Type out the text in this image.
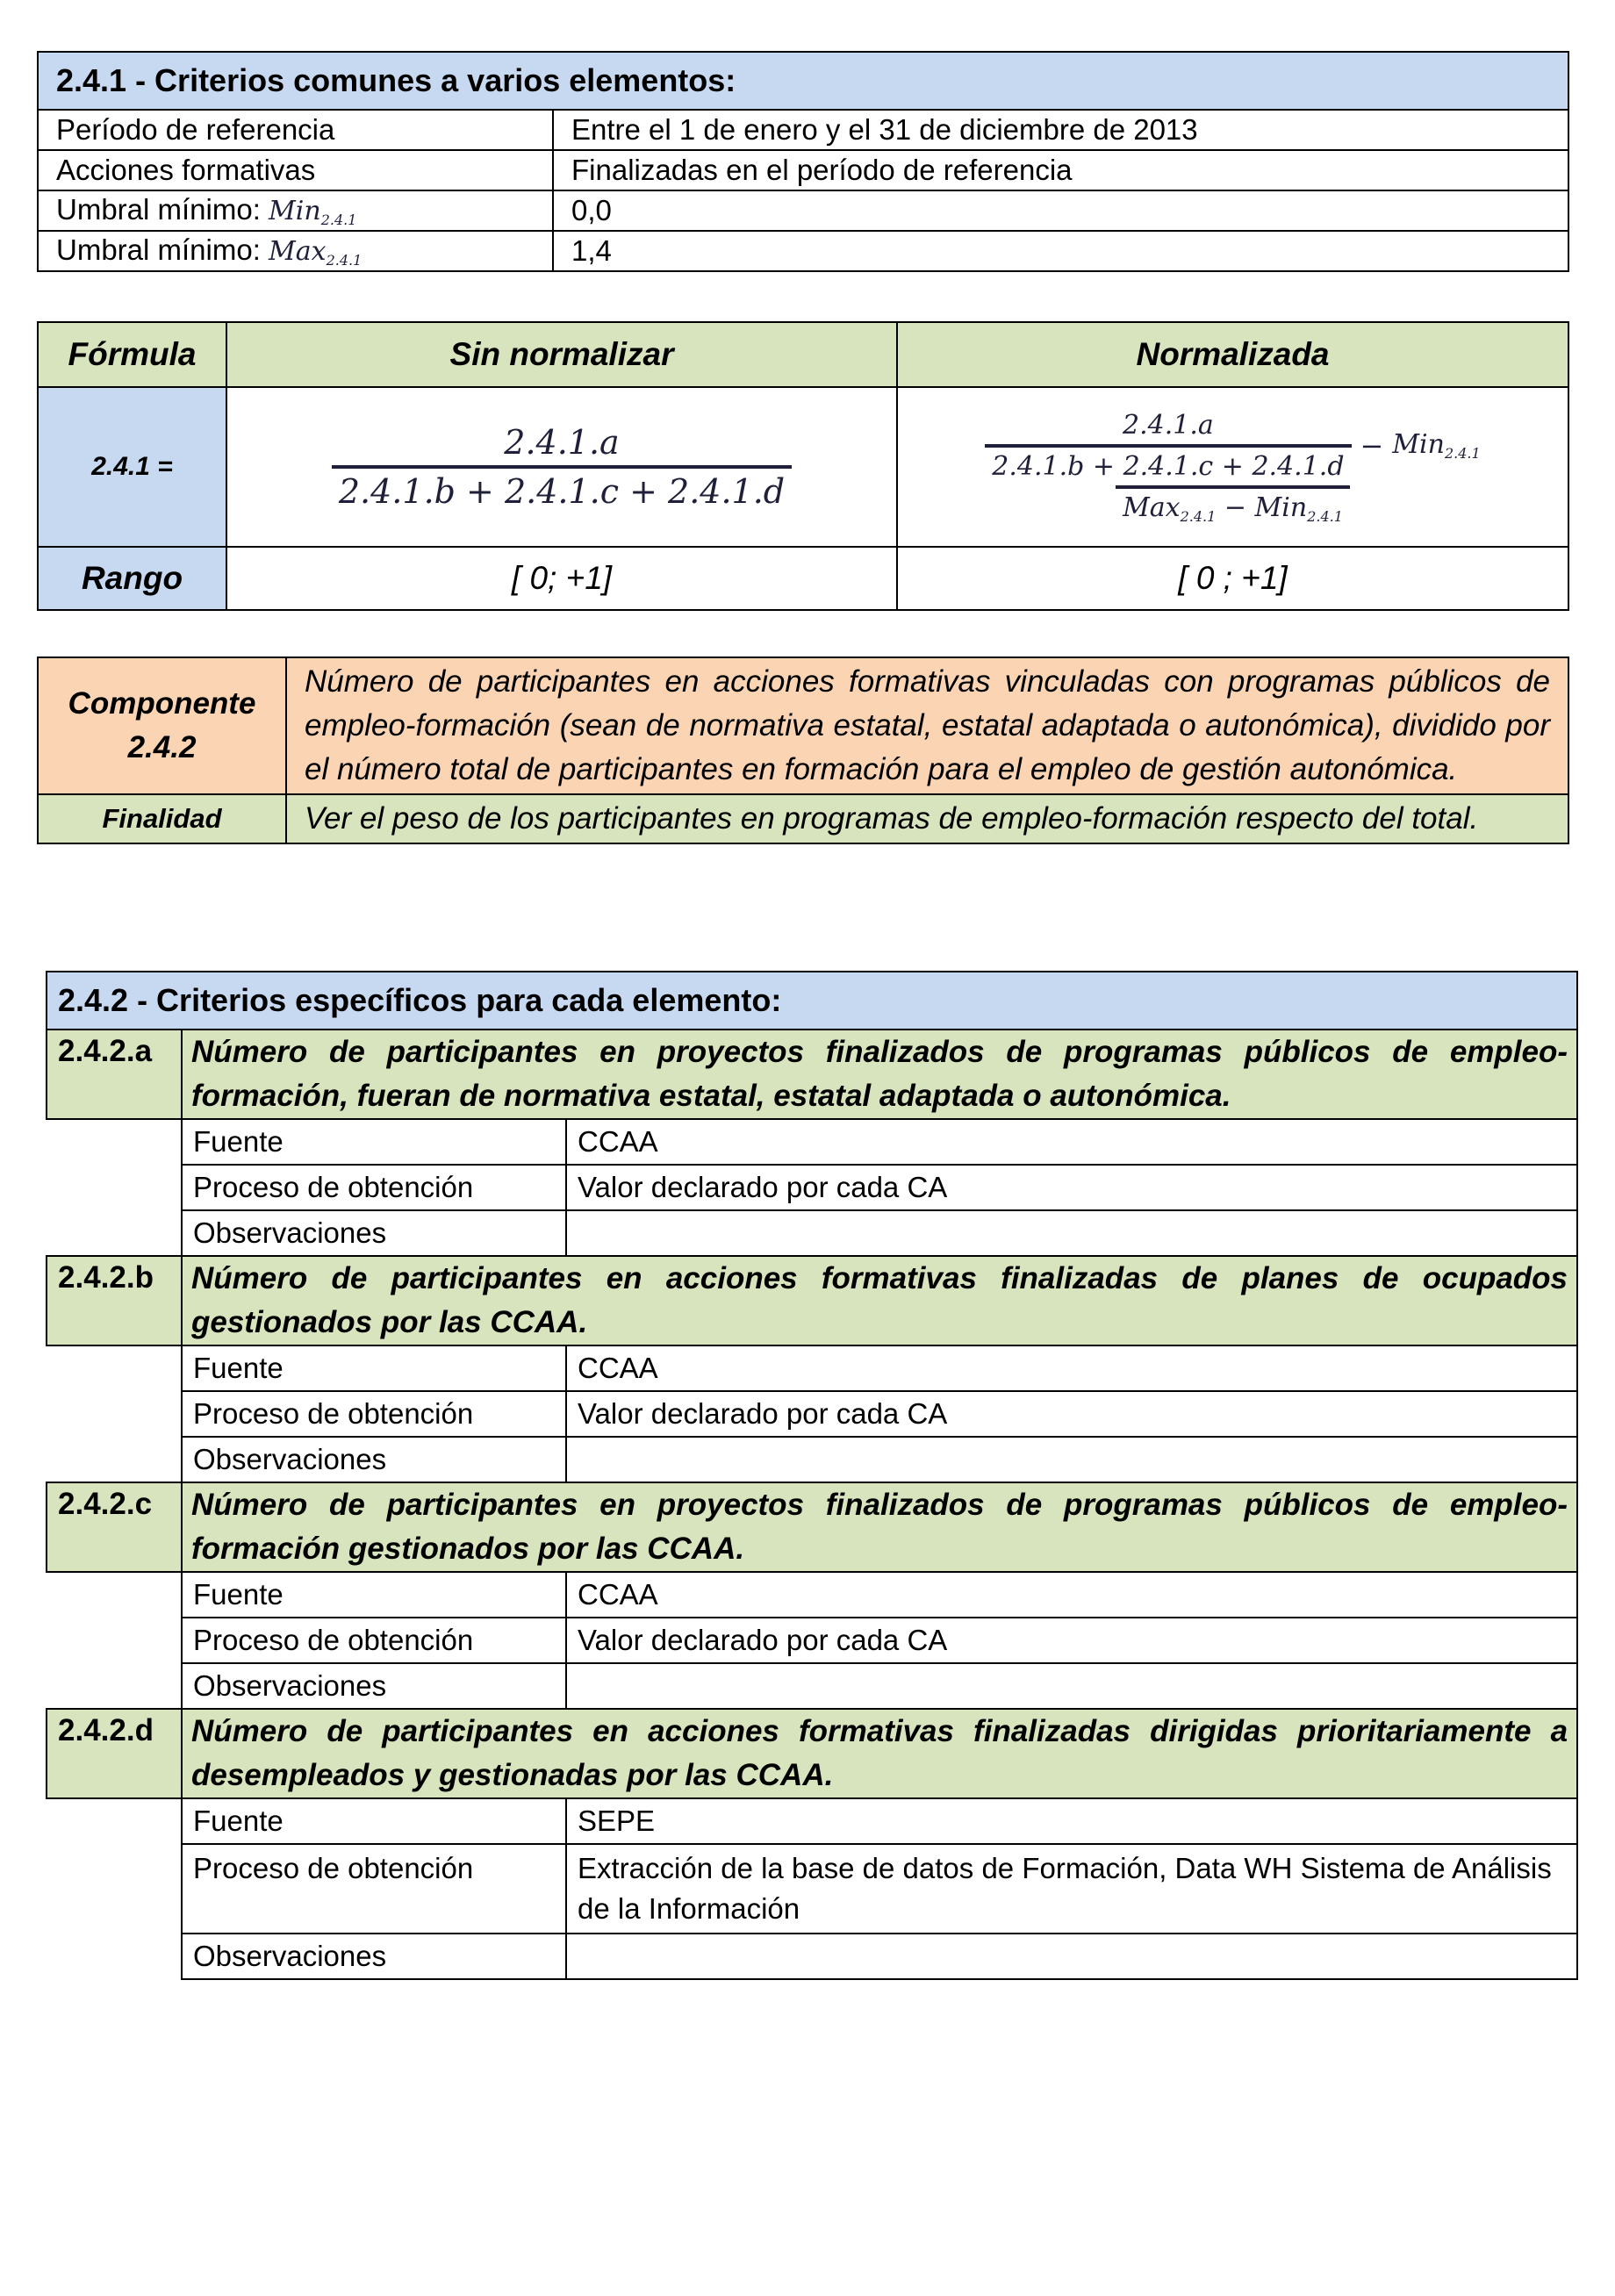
2.4.1 - Criterios comunes a varios elementos:	
Período de referencia	Entre el 1 de enero y el 31 de diciembre de 2013
Acciones formativas	Finalizadas en el período de referencia
Umbral mínimo: Min$_{2.4.1}$	0,0
Umbral mínimo: Max$_{2.4.1}$	1,4
Fórmula	Sin normalizar	Normalizada
2.4.1 =	$\frac{2.4.1.a}{2.4.1.b + 2.4.1.c + 2.4.1.d}$	$\frac{2.4.1.a}{2.4.1.b + 2.4.1.c + 2.4.1.d} - Min_{2.4.1}$
Max$_{2.4.1}$ − Min$_{2.4.1}$

Rango	[ 0; +1]	[ 0 ; +1]
Componente
2.4.2	Número de participantes en acciones formativas vinculadas con programas públicos de empleo-formación (sean de normativa estatal, estatal adaptada o autonómica), dividido por el número total de participantes en formación para el empleo de gestión autonómica.
Finalidad	Ver el peso de los participantes en programas de empleo-formación respecto del total.
2.4.2 - Criterios específicos para cada elemento:		
2.4.2.a	Número de participantes en proyectos finalizados de programas públicos de empleo-formación, fueran de normativa estatal, estatal adaptada o autonómica.	
	Fuente	CCAA
	Proceso de obtención	Valor declarado por cada CA
	Observaciones	
2.4.2.b	Número de participantes en acciones formativas finalizadas de planes de ocupados gestionados por las CCAA.	
	Fuente	CCAA
	Proceso de obtención	Valor declarado por cada CA
	Observaciones	
2.4.2.c	Número de participantes en proyectos finalizados de programas públicos de empleo-formación gestionados por las CCAA.	
	Fuente	CCAA
	Proceso de obtención	Valor declarado por cada CA
	Observaciones	
2.4.2.d	Número de participantes en acciones formativas finalizadas dirigidas prioritariamente a desempleados y gestionadas por las CCAA.	
	Fuente	SEPE
	Proceso de obtención	Extracción de la base de datos de Formación, Data WH Sistema de Análisis de la Información
	Observaciones	
